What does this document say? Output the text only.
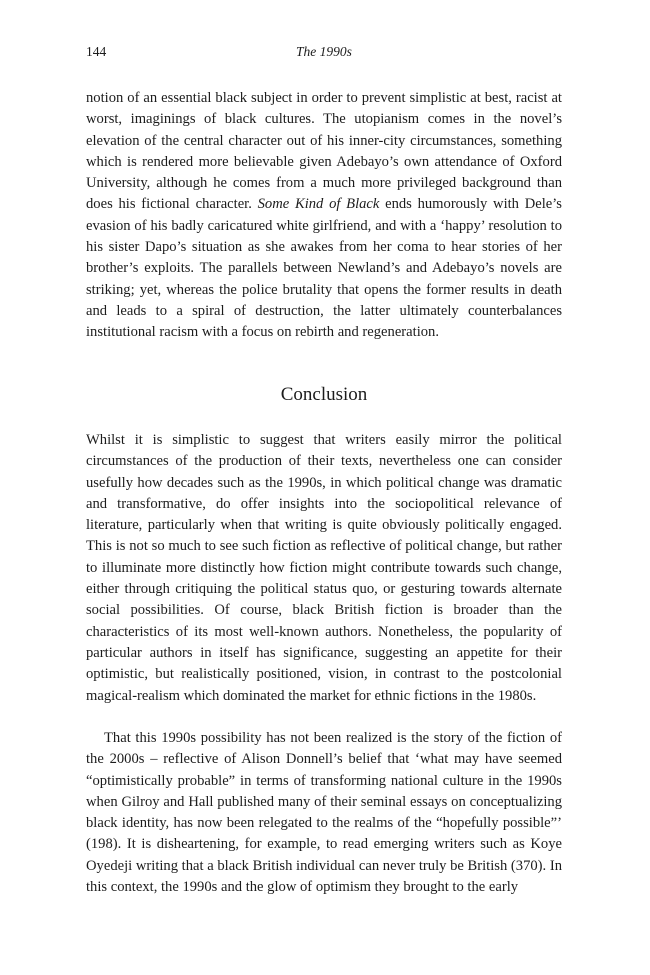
144	The 1990s

notion of an essential black subject in order to prevent simplistic at best, racist at worst, imaginings of black cultures. The utopianism comes in the novel’s elevation of the central character out of his inner-city circumstances, something which is rendered more believable given Adebayo’s own attendance of Oxford University, although he comes from a much more privileged background than does his fictional character. Some Kind of Black ends humorously with Dele’s evasion of his badly caricatured white girlfriend, and with a ‘happy’ resolution to his sister Dapo’s situation as she awakes from her coma to hear stories of her brother’s exploits. The parallels between Newland’s and Adebayo’s novels are striking; yet, whereas the police brutality that opens the former results in death and leads to a spiral of destruction, the latter ultimately counterbalances institutional racism with a focus on rebirth and regeneration.

Conclusion

Whilst it is simplistic to suggest that writers easily mirror the political circumstances of the production of their texts, nevertheless one can consider usefully how decades such as the 1990s, in which political change was dramatic and transformative, do offer insights into the sociopolitical relevance of literature, particularly when that writing is quite obviously politically engaged. This is not so much to see such fiction as reflective of political change, but rather to illuminate more distinctly how fiction might contribute towards such change, either through critiquing the political status quo, or gesturing towards alternate social possibilities. Of course, black British fiction is broader than the characteristics of its most well-known authors. Nonetheless, the popularity of particular authors in itself has significance, suggesting an appetite for their optimistic, but realistically positioned, vision, in contrast to the postcolonial magical-realism which dominated the market for ethnic fictions in the 1980s.

That this 1990s possibility has not been realized is the story of the fiction of the 2000s – reflective of Alison Donnell’s belief that ‘what may have seemed “optimistically probable” in terms of transforming national culture in the 1990s when Gilroy and Hall published many of their seminal essays on conceptualizing black identity, has now been relegated to the realms of the “hopefully possible”’ (198). It is disheartening, for example, to read emerging writers such as Koye Oyedeji writing that a black British individual can never truly be British (370). In this context, the 1990s and the glow of optimism they brought to the early
